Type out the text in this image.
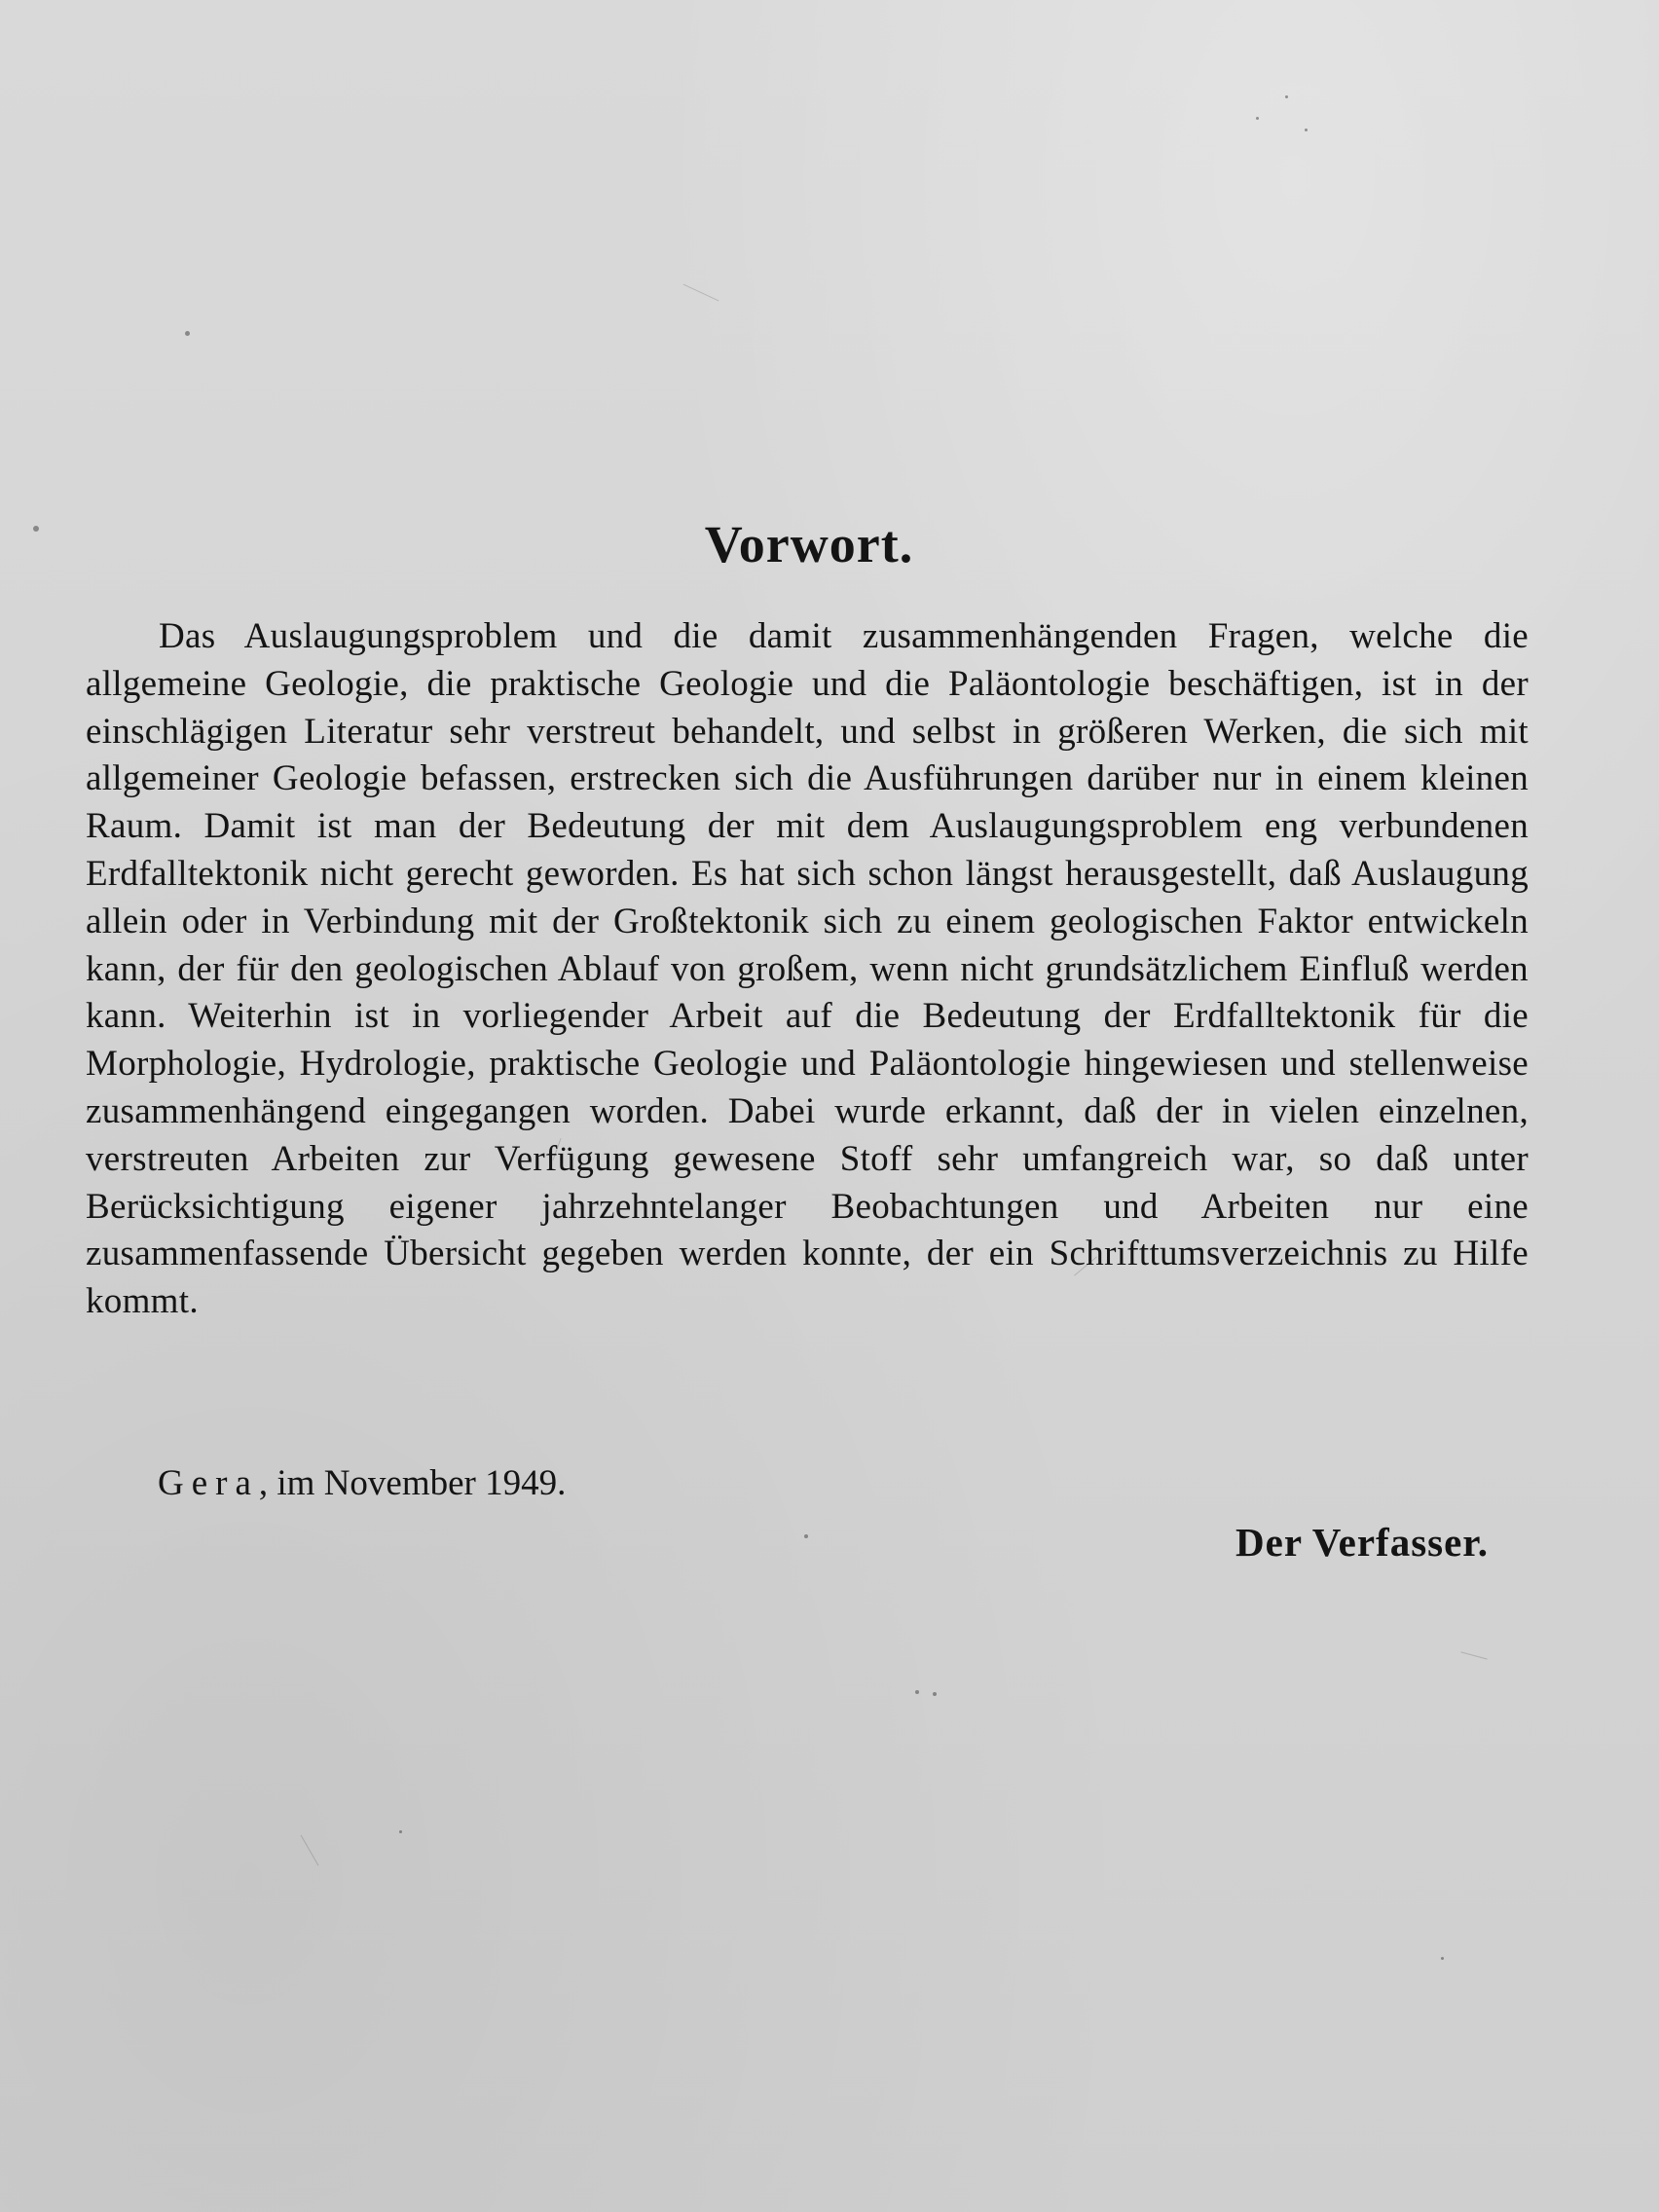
Vorwort.

Das Auslaugungsproblem und die damit zusammenhängenden Fragen, welche die allgemeine Geologie, die praktische Geologie und die Paläontologie beschäftigen, ist in der einschlägigen Literatur sehr verstreut behandelt, und selbst in größeren Werken, die sich mit allgemeiner Geologie befassen, erstrecken sich die Ausführungen darüber nur in einem kleinen Raum. Damit ist man der Bedeutung der mit dem Auslaugungsproblem eng verbundenen Erdfalltektonik nicht gerecht geworden. Es hat sich schon längst herausgestellt, daß Auslaugung allein oder in Verbindung mit der Großtektonik sich zu einem geologischen Faktor entwickeln kann, der für den geologischen Ablauf von großem, wenn nicht grundsätzlichem Einfluß werden kann. Weiterhin ist in vorliegender Arbeit auf die Bedeutung der Erdfalltektonik für die Morphologie, Hydrologie, praktische Geologie und Paläontologie hingewiesen und stellenweise zusammenhängend eingegangen worden. Dabei wurde erkannt, daß der in vielen einzelnen, verstreuten Arbeiten zur Verfügung gewesene Stoff sehr umfangreich war, so daß unter Berücksichtigung eigener jahrzehntelanger Beobachtungen und Arbeiten nur eine zusammenfassende Übersicht gegeben werden konnte, der ein Schrifttumsverzeichnis zu Hilfe kommt.

Gera, im November 1949.

Der Verfasser.
